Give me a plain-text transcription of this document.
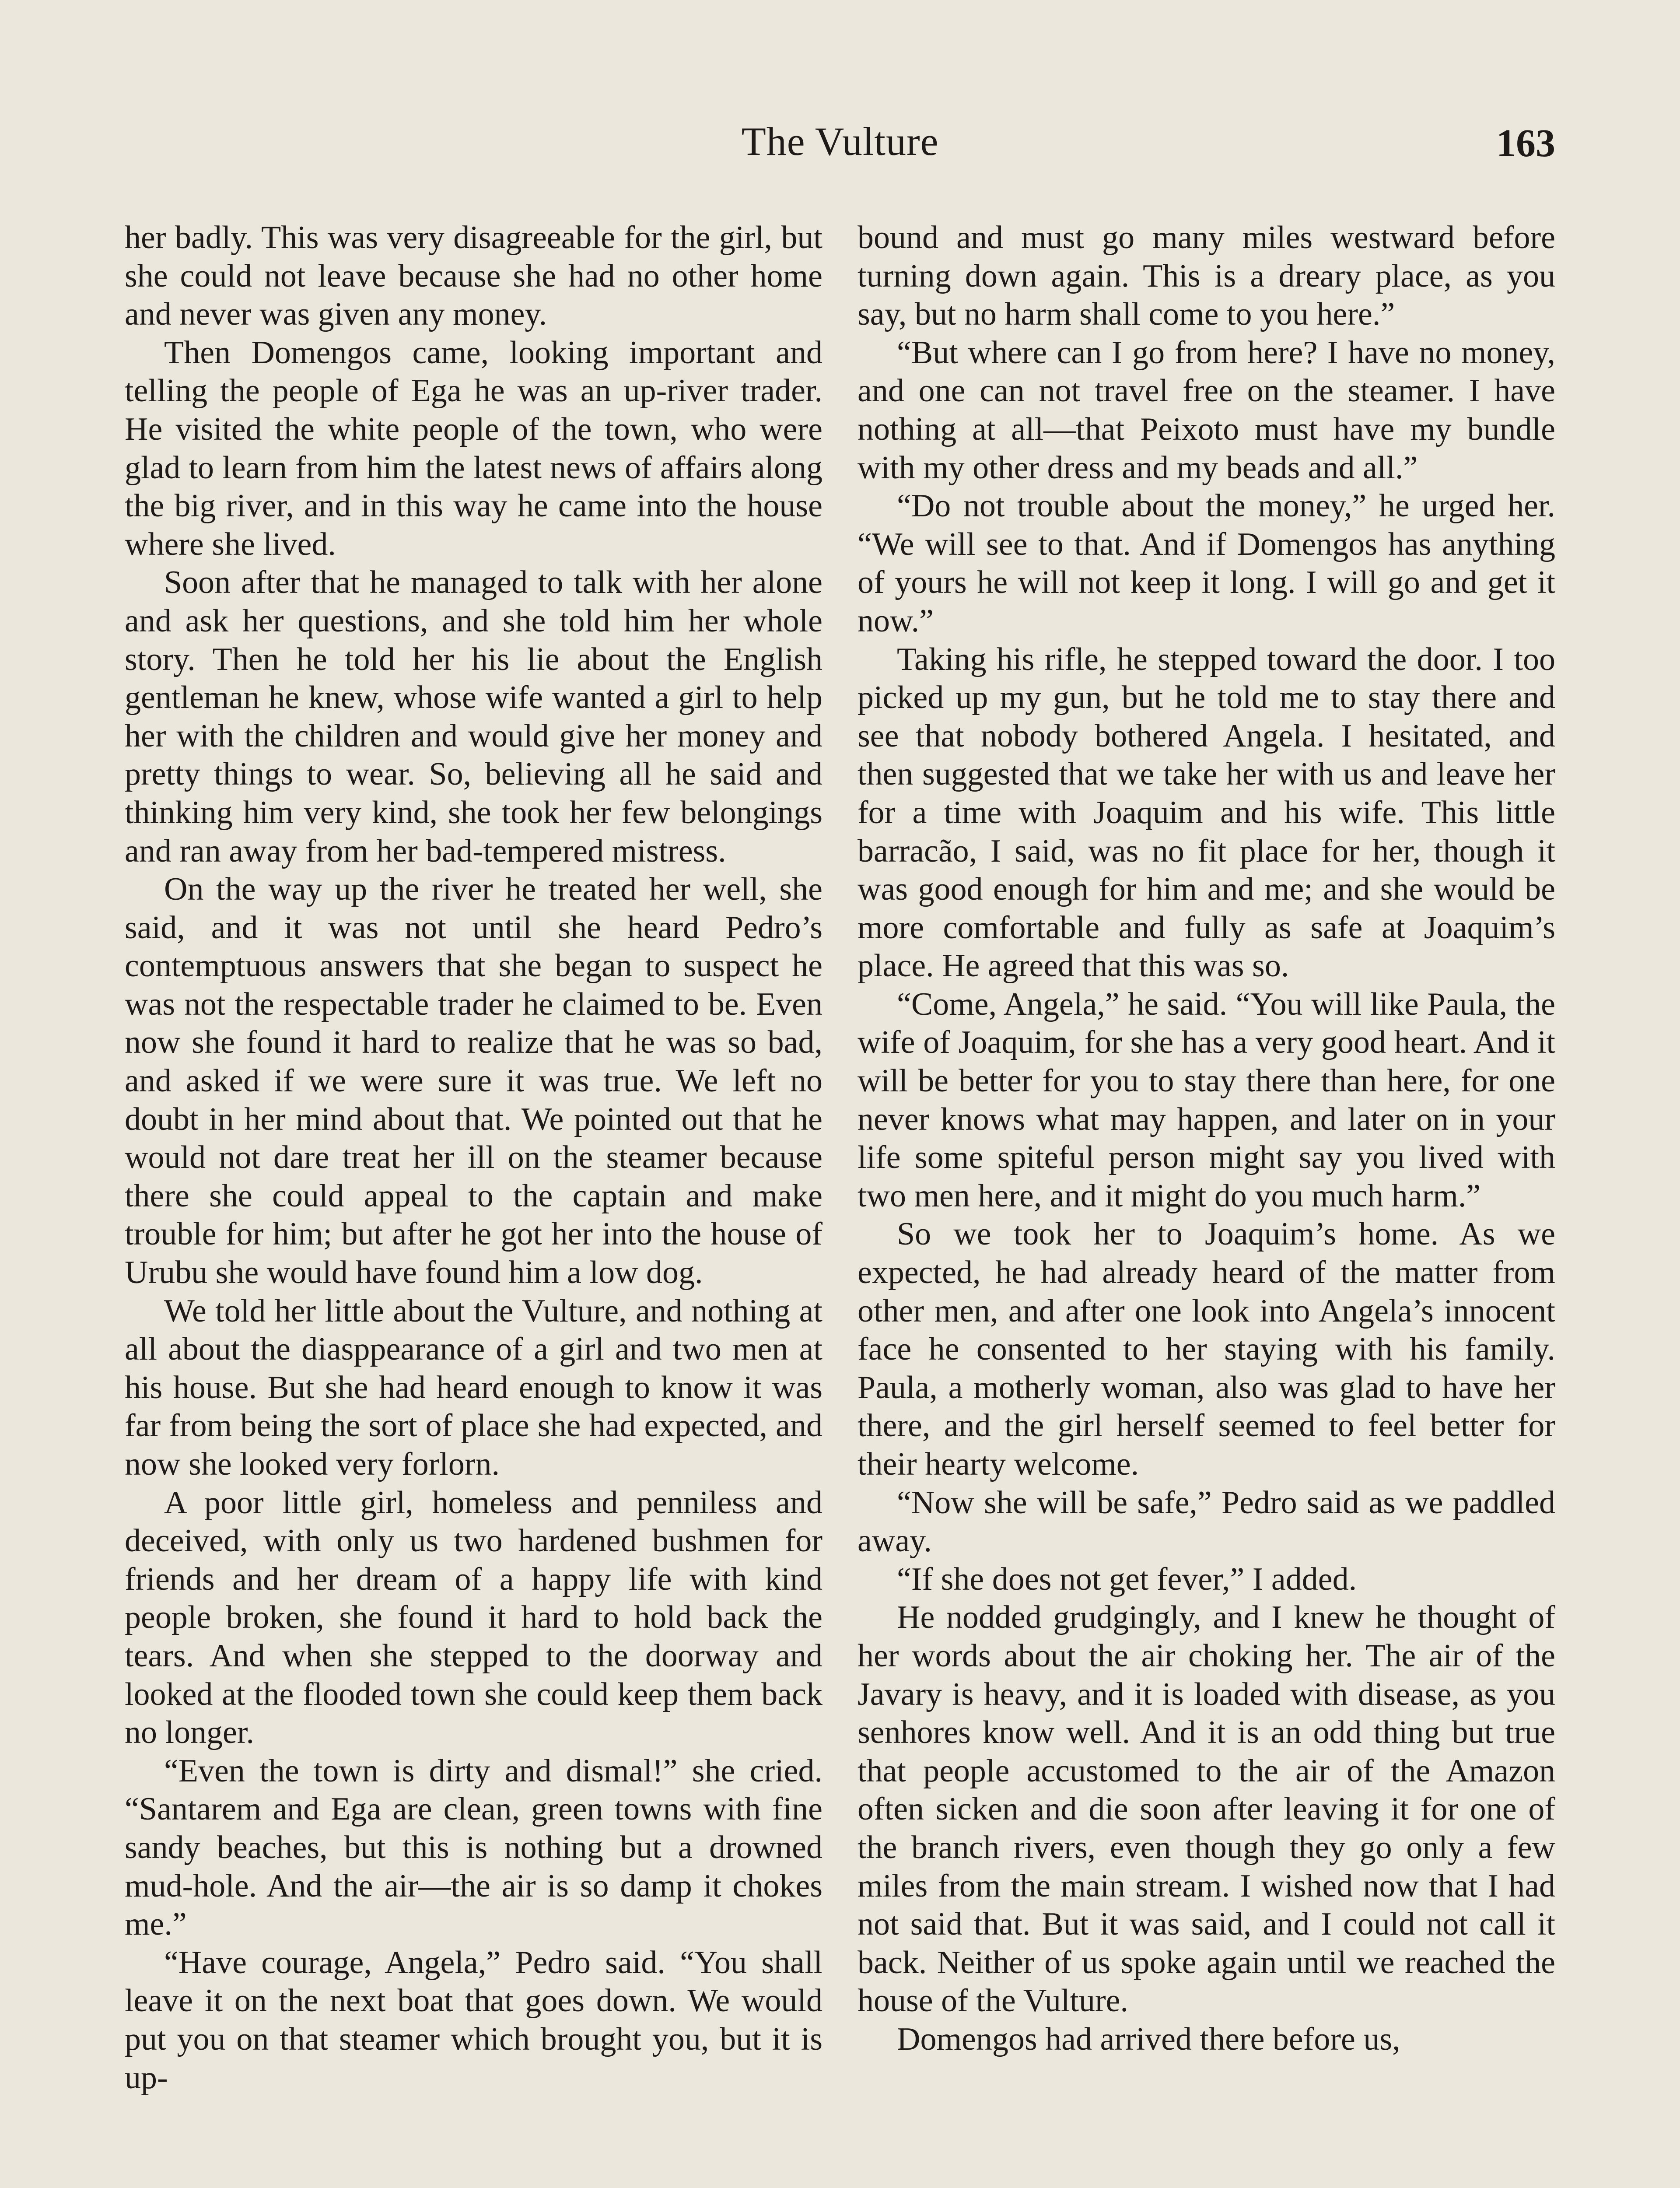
The Vulture	163

her badly. This was very disagreeable for the girl, but she could not leave because she had no other home and never was given any money.

Then Domengos came, looking important and telling the people of Ega he was an up-river trader. He visited the white people of the town, who were glad to learn from him the latest news of affairs along the big river, and in this way he came into the house where she lived.

Soon after that he managed to talk with her alone and ask her questions, and she told him her whole story. Then he told her his lie about the English gentleman he knew, whose wife wanted a girl to help her with the children and would give her money and pretty things to wear. So, believing all he said and thinking him very kind, she took her few belongings and ran away from her bad-tempered mistress.

On the way up the river he treated her well, she said, and it was not until she heard Pedro’s contemptuous answers that she began to suspect he was not the respectable trader he claimed to be. Even now she found it hard to realize that he was so bad, and asked if we were sure it was true. We left no doubt in her mind about that. We pointed out that he would not dare treat her ill on the steamer because there she could appeal to the captain and make trouble for him; but after he got her into the house of Urubu she would have found him a low dog.

We told her little about the Vulture, and nothing at all about the diasppearance of a girl and two men at his house. But she had heard enough to know it was far from being the sort of place she had expected, and now she looked very forlorn.

A poor little girl, homeless and penniless and deceived, with only us two hardened bushmen for friends and her dream of a happy life with kind people broken, she found it hard to hold back the tears. And when she stepped to the doorway and looked at the flooded town she could keep them back no longer.

“Even the town is dirty and dismal!” she cried. “Santarem and Ega are clean, green towns with fine sandy beaches, but this is nothing but a drowned mud-hole. And the air—the air is so damp it chokes me.”

“Have courage, Angela,” Pedro said. “You shall leave it on the next boat that goes down. We would put you on that steamer which brought you, but it is up-

bound and must go many miles westward before turning down again. This is a dreary place, as you say, but no harm shall come to you here.”

“But where can I go from here? I have no money, and one can not travel free on the steamer. I have nothing at all—that Peixoto must have my bundle with my other dress and my beads and all.”

“Do not trouble about the money,” he urged her. “We will see to that. And if Domengos has anything of yours he will not keep it long. I will go and get it now.”

Taking his rifle, he stepped toward the door. I too picked up my gun, but he told me to stay there and see that nobody bothered Angela. I hesitated, and then suggested that we take her with us and leave her for a time with Joaquim and his wife. This little barracão, I said, was no fit place for her, though it was good enough for him and me; and she would be more comfortable and fully as safe at Joaquim’s place. He agreed that this was so.

“Come, Angela,” he said. “You will like Paula, the wife of Joaquim, for she has a very good heart. And it will be better for you to stay there than here, for one never knows what may happen, and later on in your life some spiteful person might say you lived with two men here, and it might do you much harm.”

So we took her to Joaquim’s home. As we expected, he had already heard of the matter from other men, and after one look into Angela’s innocent face he consented to her staying with his family. Paula, a motherly woman, also was glad to have her there, and the girl herself seemed to feel better for their hearty welcome.

“Now she will be safe,” Pedro said as we paddled away.

“If she does not get fever,” I added.

He nodded grudgingly, and I knew he thought of her words about the air choking her. The air of the Javary is heavy, and it is loaded with disease, as you senhores know well. And it is an odd thing but true that people accustomed to the air of the Amazon often sicken and die soon after leaving it for one of the branch rivers, even though they go only a few miles from the main stream. I wished now that I had not said that. But it was said, and I could not call it back. Neither of us spoke again until we reached the house of the Vulture.

Domengos had arrived there before us,
